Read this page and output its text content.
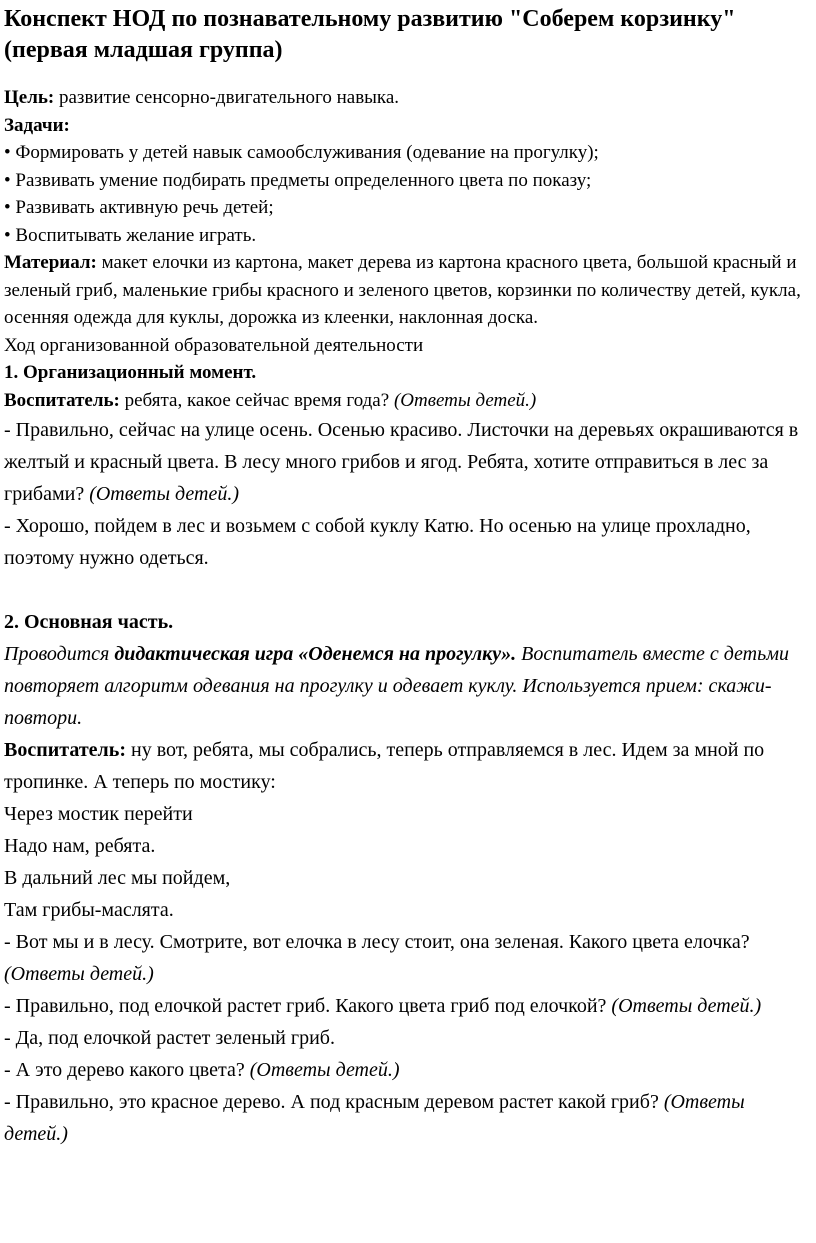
Конспект НОД по познавательному развитию "Соберем корзинку" (первая младшая группа)
Цель: развитие сенсорно-двигательного навыка.
Задачи:
• Формировать у детей навык самообслуживания (одевание на прогулку);
• Развивать умение подбирать предметы определенного цвета по показу;
• Развивать активную речь детей;
• Воспитывать желание играть.
Материал: макет елочки из картона, макет дерева из картона красного цвета, большой красный и зеленый гриб, маленькие грибы красного и зеленого цветов, корзинки по количеству детей, кукла, осенняя одежда для куклы, дорожка из клеенки, наклонная доска.
Ход организованной образовательной деятельности
1. Организационный момент.
Воспитатель: ребята, какое сейчас время года? (Ответы детей.)
- Правильно, сейчас на улице осень. Осенью красиво. Листочки на деревьях окрашиваются в желтый и красный цвета. В лесу много грибов и ягод. Ребята, хотите отправиться в лес за грибами? (Ответы детей.)
- Хорошо, пойдем в лес и возьмем с собой куклу Катю. Но осенью на улице прохладно, поэтому нужно одеться.
2. Основная часть.
Проводится дидактическая игра «Оденемся на прогулку». Воспитатель вместе с детьми повторяет алгоритм одевания на прогулку и одевает куклу. Используется прием: скажи-повтори.
Воспитатель: ну вот, ребята, мы собрались, теперь отправляемся в лес. Идем за мной по тропинке. А теперь по мостику:
Через мостик перейти
Надо нам, ребята.
В дальний лес мы пойдем,
Там грибы-маслята.
- Вот мы и в лесу. Смотрите, вот елочка в лесу стоит, она зеленая. Какого цвета елочка? (Ответы детей.)
- Правильно, под елочкой растет гриб. Какого цвета гриб под елочкой? (Ответы детей.)
- Да, под елочкой растет зеленый гриб.
- А это дерево какого цвета? (Ответы детей.)
- Правильно, это красное дерево. А под красным деревом растет какой гриб? (Ответы детей.)
